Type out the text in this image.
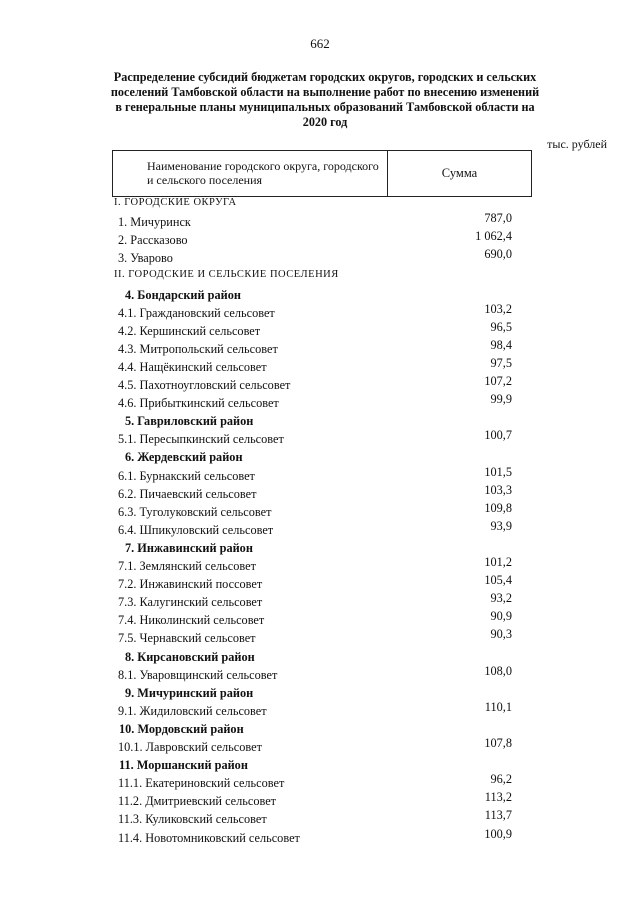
662
Распределение субсидий бюджетам городских округов, городских и сельских поселений Тамбовской области на выполнение работ по внесению изменений в генеральные планы муниципальных образований Тамбовской области на 2020 год
тыс. рублей
Наименование городского округа, городского и сельского поселения	Сумма
I. ГОРОДСКИЕ ОКРУГА
1. Мичуринск	787,0
2. Рассказово	1 062,4
3. Уварово	690,0
II. ГОРОДСКИЕ И СЕЛЬСКИЕ ПОСЕЛЕНИЯ
4. Бондарский район
4.1. Граждановский сельсовет	103,2
4.2. Кершинский сельсовет	96,5
4.3. Митропольский сельсовет	98,4
4.4. Нащёкинский сельсовет	97,5
4.5. Пахотноугловский сельсовет	107,2
4.6. Прибыткинский сельсовет	99,9
5. Гавриловский район
5.1. Пересыпкинский сельсовет	100,7
6. Жердевский район
6.1. Бурнакский сельсовет	101,5
6.2. Пичаевский сельсовет	103,3
6.3. Туголуковский сельсовет	109,8
6.4. Шпикуловский сельсовет	93,9
7. Инжавинский район
7.1. Землянский сельсовет	101,2
7.2. Инжавинский поссовет	105,4
7.3. Калугинский сельсовет	93,2
7.4. Николинский сельсовет	90,9
7.5. Чернавский сельсовет	90,3
8. Кирсановский район
8.1. Уваровщинский сельсовет	108,0
9. Мичуринский район
9.1. Жидиловский сельсовет	110,1
10. Мордовский район
10.1. Лавровский сельсовет	107,8
11. Моршанский район
11.1. Екатериновский сельсовет	96,2
11.2. Дмитриевский сельсовет	113,2
11.3. Куликовский сельсовет	113,7
11.4. Новотомниковский сельсовет	100,9
